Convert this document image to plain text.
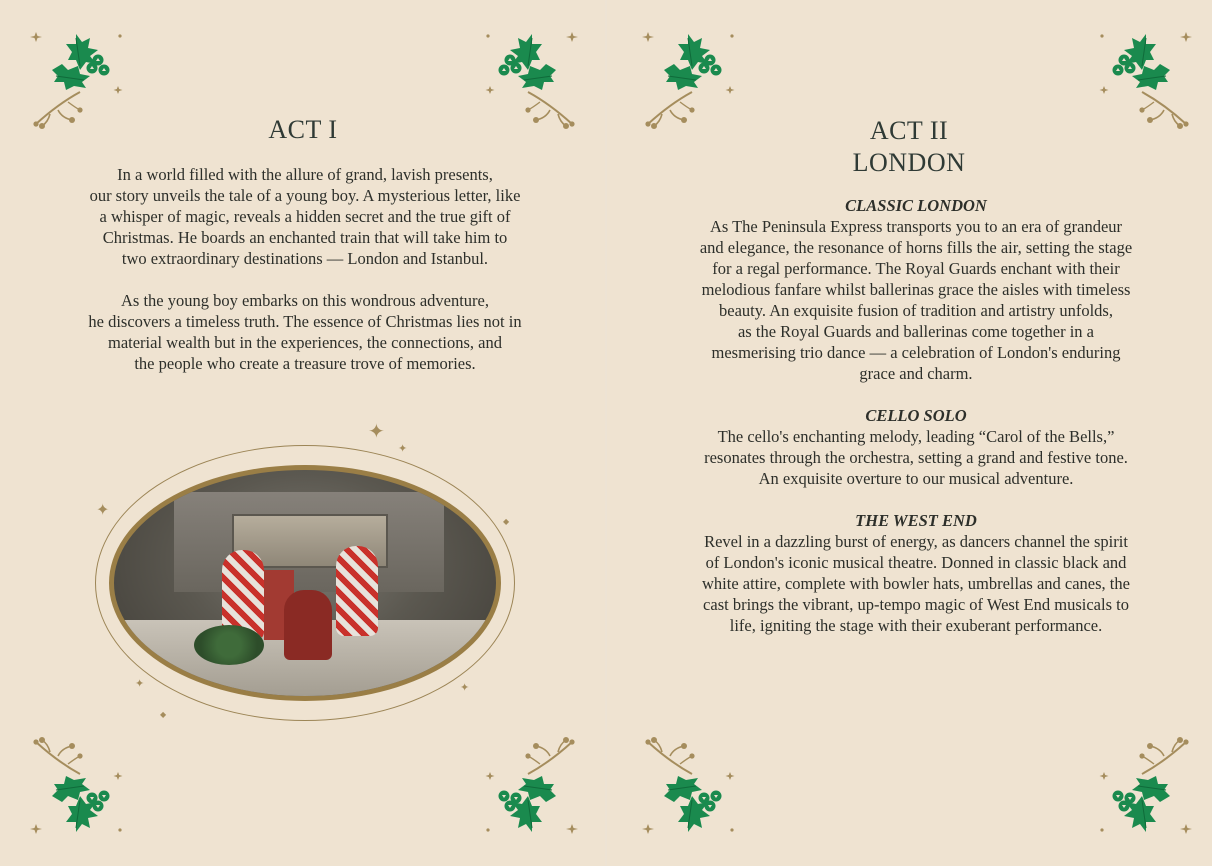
ACT I
In a world filled with the allure of grand, lavish presents,
our story unveils the tale of a young boy. A mysterious letter, like
a whisper of magic, reveals a hidden secret and the true gift of
Christmas. He boards an enchanted train that will take him to
two extraordinary destinations — London and Istanbul.
As the young boy embarks on this wondrous adventure,
he discovers a timeless truth. The essence of Christmas lies not in
material wealth but in the experiences, the connections, and
the people who create a treasure trove of memories.
✦
✦
✦
◆
✦	✦
◆
ACT II
LONDON
CLASSIC LONDON
As The Peninsula Express transports you to an era of grandeur
and elegance, the resonance of horns fills the air, setting the stage
for a regal performance. The Royal Guards enchant with their
melodious fanfare whilst ballerinas grace the aisles with timeless
beauty. An exquisite fusion of tradition and artistry unfolds,
as the Royal Guards and ballerinas come together in a
mesmerising trio dance — a celebration of London's enduring
grace and charm.
CELLO SOLO
The cello's enchanting melody, leading “Carol of the Bells,”
resonates through the orchestra, setting a grand and festive tone.
An exquisite overture to our musical adventure.
THE WEST END
Revel in a dazzling burst of energy, as dancers channel the spirit
of London's iconic musical theatre. Donned in classic black and
white attire, complete with bowler hats, umbrellas and canes, the
cast brings the vibrant, up-tempo magic of West End musicals to
life, igniting the stage with their exuberant performance.
